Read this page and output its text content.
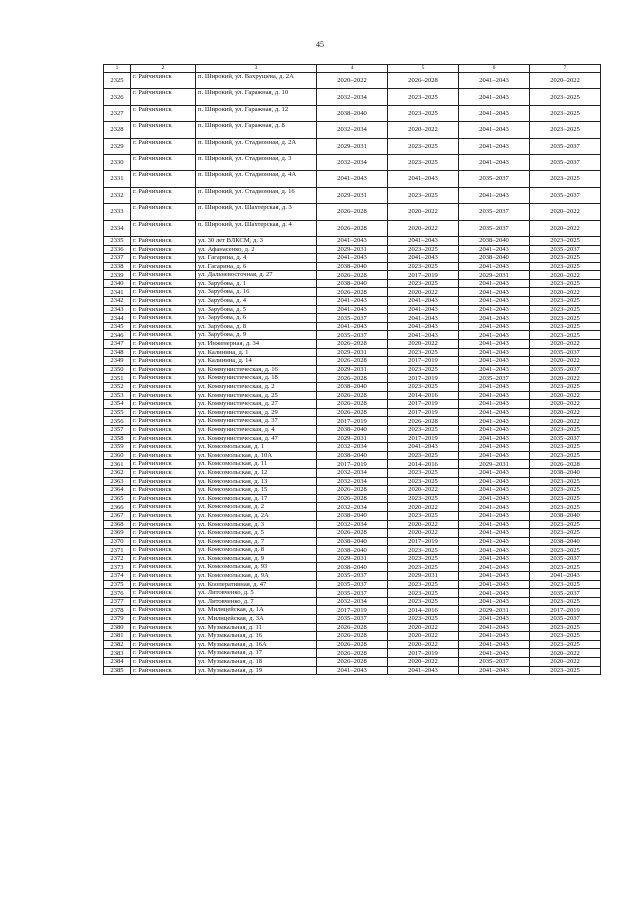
45
1	2	3	4	5	6	7
2325	г. Райчихинск	п. Широкий, ул. Вахрушева, д. 2А	2020–2022	2026–2028	2041–2043	2020–2022
2326	г. Райчихинск	п. Широкий, ул. Гаражная, д. 10	2032–2034	2023–2025	2041–2043	2023–2025
2327	г. Райчихинск	п. Широкий, ул. Гаражная, д. 12	2038–2040	2023–2025	2041–2043	2023–2025
2328	г. Райчихинск	п. Широкий, ул. Гаражная, д. 8	2032–2034	2020–2022	2041–2043	2023–2025
2329	г. Райчихинск	п. Широкий, ул. Стадионная, д. 2А	2029–2031	2023–2025	2041–2043	2035–2037
2330	г. Райчихинск	п. Широкий, ул. Стадионная, д. 3	2032–2034	2023–2025	2041–2043	2035–2037
2331	г. Райчихинск	п. Широкий, ул. Стадионная, д. 4А	2041–2043	2041–2043	2035–2037	2023–2025
2332	г. Райчихинск	п. Широкий, ул. Стадионная, д. 16	2029–2031	2023–2025	2041–2043	2035–2037
2333	г. Райчихинск	п. Широкий, ул. Шахтерская, д. 3	2026–2028	2020–2022	2035–2037	2020–2022
2334	г. Райчихинск	п. Широкий, ул. Шахтерская, д. 4	2026–2028	2020–2022	2035–2037	2020–2022
2335	г. Райчихинск	ул. 30 лет ВЛКСМ, д. 3	2041–2043	2041–2043	2038–2040	2023–2025
2336	г. Райчихинск	ул. Афанасенко, д. 2	2029–2031	2023–2025	2041–2043	2035–2037
2337	г. Райчихинск	ул. Гагарина, д. 4	2041–2043	2041–2043	2038–2040	2023–2025
2338	г. Райчихинск	ул. Гагарина, д. 6	2038–2040	2023–2025	2041–2043	2023–2025
2339	г. Райчихинск	ул. Дальневосточная, д. 27	2026–2028	2017–2019	2029–2031	2020–2022
2340	г. Райчихинск	ул. Зарубова, д. 1	2038–2040	2023–2025	2041–2043	2023–2025
2341	г. Райчихинск	ул. Зарубова, д. 16	2026–2028	2020–2022	2041–2043	2020–2022
2342	г. Райчихинск	ул. Зарубова, д. 4	2041–2043	2041–2043	2041–2043	2023–2025
2343	г. Райчихинск	ул. Зарубова, д. 5	2041–2043	2041–2043	2041–2043	2023–2025
2344	г. Райчихинск	ул. Зарубова, д. 6	2035–2037	2041–2043	2041–2043	2023–2025
2345	г. Райчихинск	ул. Зарубова, д. 8	2041–2043	2041–2043	2041–2043	2023–2025
2346	г. Райчихинск	ул. Зарубова, д. 9	2035–2037	2041–2043	2041–2043	2023–2025
2347	г. Райчихинск	ул. Инженерная, д. 34	2026–2028	2020–2022	2041–2043	2020–2022
2348	г. Райчихинск	ул. Калинина, д. 1	2029–2031	2023–2025	2041–2043	2035–2037
2349	г. Райчихинск	ул. Калинина, д. 14	2026–2028	2017–2019	2041–2043	2020–2022
2350	г. Райчихинск	ул. Коммунистическая, д. 16	2029–2031	2023–2025	2041–2043	2035–2037
2351	г. Райчихинск	ул. Коммунистическая, д. 18	2026–2028	2017–2019	2035–2037	2020–2022
2352	г. Райчихинск	ул. Коммунистическая, д. 2	2038–2040	2023–2025	2041–2043	2023–2025
2353	г. Райчихинск	ул. Коммунистическая, д. 25	2026–2028	2014–2016	2041–2043	2020–2022
2354	г. Райчихинск	ул. Коммунистическая, д. 27	2026–2028	2017–2019	2041–2043	2020–2022
2355	г. Райчихинск	ул. Коммунистическая, д. 29	2026–2028	2017–2019	2041–2043	2020–2022
2356	г. Райчихинск	ул. Коммунистическая, д. 37	2017–2019	2026–2028	2041–2043	2020–2022
2357	г. Райчихинск	ул. Коммунистическая, д. 4	2038–2040	2023–2025	2041–2043	2023–2025
2358	г. Райчихинск	ул. Коммунистическая, д. 47	2029–2031	2017–2019	2041–2043	2035–2037
2359	г. Райчихинск	ул. Комсомольская, д. 1	2032–2034	2041–2043	2041–2043	2023–2025
2360	г. Райчихинск	ул. Комсомольская, д. 10А	2038–2040	2023–2025	2041–2043	2023–2025
2361	г. Райчихинск	ул. Комсомольская, д. 11	2017–2019	2014–2016	2029–2031	2026–2028
2362	г. Райчихинск	ул. Комсомольская, д. 12	2032–2034	2023–2025	2041–2043	2038–2040
2363	г. Райчихинск	ул. Комсомольская, д. 13	2032–2034	2023–2025	2041–2043	2023–2025
2364	г. Райчихинск	ул. Комсомольская, д. 15	2026–2028	2020–2022	2041–2043	2023–2025
2365	г. Райчихинск	ул. Комсомольская, д. 17	2026–2028	2023–2025	2041–2043	2023–2025
2366	г. Райчихинск	ул. Комсомольская, д. 2	2032–2034	2020–2022	2041–2043	2023–2025
2367	г. Райчихинск	ул. Комсомольская, д. 2А	2038–2040	2023–2025	2041–2043	2038–2040
2368	г. Райчихинск	ул. Комсомольская, д. 3	2032–2034	2020–2022	2041–2043	2023–2025
2369	г. Райчихинск	ул. Комсомольская, д. 5	2026–2028	2020–2022	2041–2043	2023–2025
2370	г. Райчихинск	ул. Комсомольская, д. 7	2038–2040	2017–2019	2041–2043	2038–2040
2371	г. Райчихинск	ул. Комсомольская, д. 8	2038–2040	2023–2025	2041–2043	2023–2025
2372	г. Райчихинск	ул. Комсомольская, д. 9	2029–2031	2023–2025	2041–2043	2035–2037
2373	г. Райчихинск	ул. Комсомольская, д. 93	2038–2040	2023–2025	2041–2043	2023–2025
2374	г. Райчихинск	ул. Комсомольская, д. 9А	2035–2037	2029–2031	2041–2043	2041–2043
2375	г. Райчихинск	ул. Кооперативная, д. 47	2035–2037	2023–2025	2041–2043	2023–2025
2376	г. Райчихинск	ул. Литовченко, д. 5	2035–2037	2023–2025	2041–2043	2035–2037
2377	г. Райчихинск	ул. Литовченко, д. 7	2032–2034	2023–2025	2041–2043	2023–2025
2378	г. Райчихинск	ул. Милицейская, д. 1А	2017–2019	2014–2016	2029–2031	2017–2019
2379	г. Райчихинск	ул. Милицейская, д. 3А	2035–2037	2023–2025	2041–2043	2035–2037
2380	г. Райчихинск	ул. Музыкальная, д. 11	2026–2028	2020–2022	2041–2043	2023–2025
2381	г. Райчихинск	ул. Музыкальная, д. 16	2026–2028	2020–2022	2041–2043	2023–2025
2382	г. Райчихинск	ул. Музыкальная, д. 16А	2026–2028	2020–2022	2041–2043	2023–2025
2383	г. Райчихинск	ул. Музыкальная, д. 17	2026–2028	2017–2019	2041–2043	2020–2022
2384	г. Райчихинск	ул. Музыкальная, д. 18	2026–2028	2020–2022	2035–2037	2020–2022
2385	г. Райчихинск	ул. Музыкальная, д. 19	2041–2043	2041–2043	2041–2043	2023–2025
